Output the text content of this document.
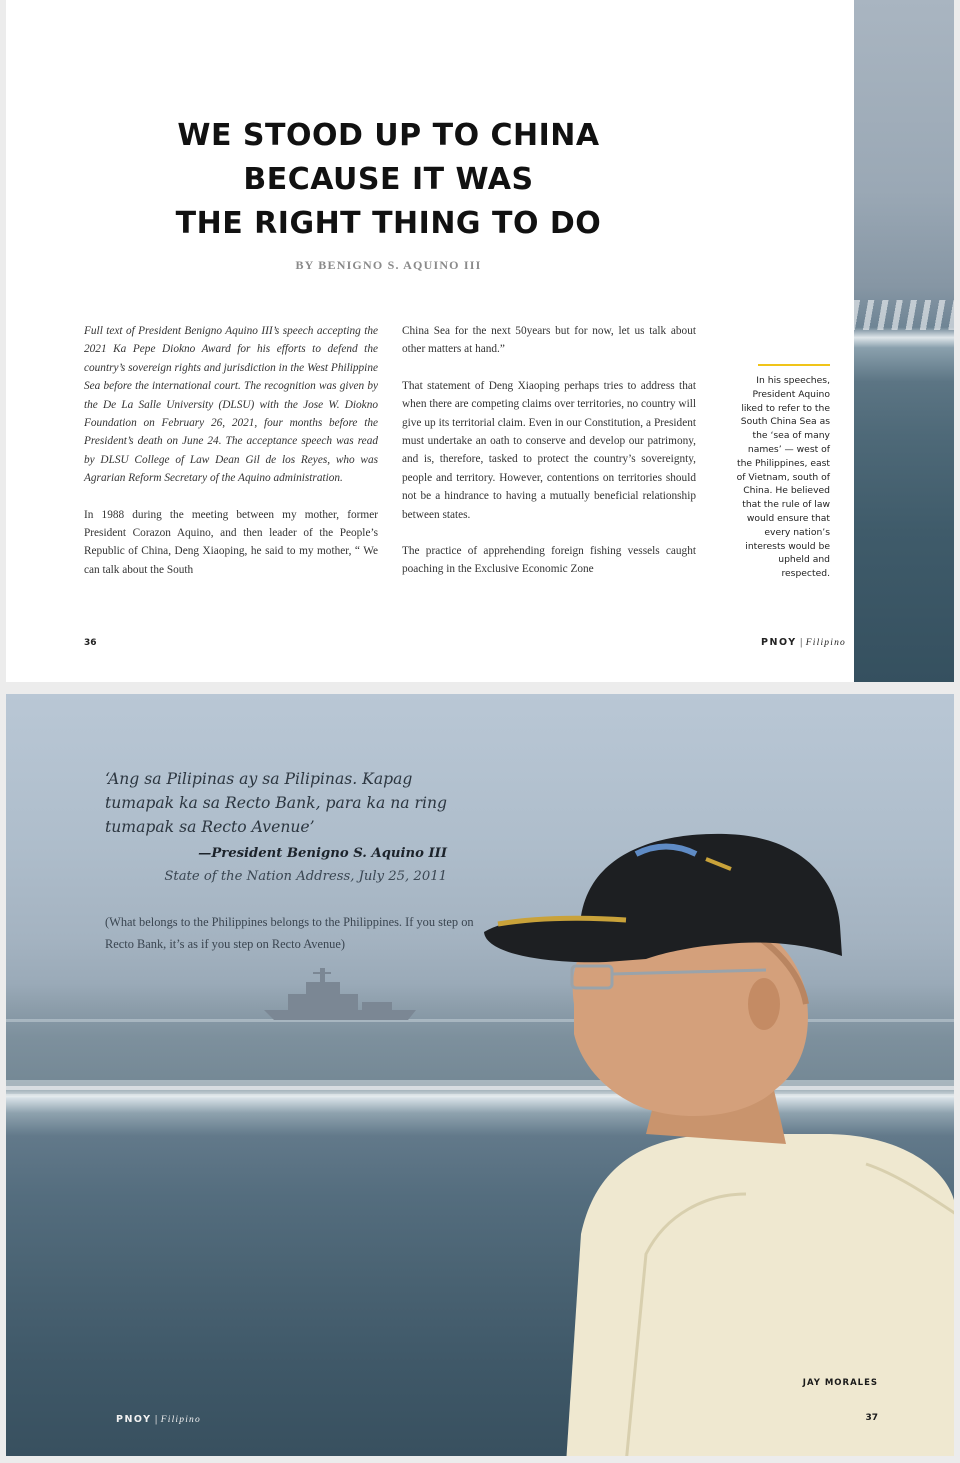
WE STOOD UP TO CHINA
BECAUSE IT WAS
THE RIGHT THING TO DO
BY BENIGNO S. AQUINO III

Full text of President Benigno Aquino III’s speech accepting the 2021 Ka Pepe Diokno Award for his efforts to defend the country’s sovereign rights and jurisdiction in the West Philippine Sea before the international court. The recognition was given by the De La Salle University (DLSU) with the Jose W. Diokno Foundation on February 26, 2021, four months before the President’s death on June 24. The acceptance speech was read by DLSU College of Law Dean Gil de los Reyes, who was Agrarian Reform Secretary of the Aquino administration.

In 1988 during the meeting between my mother, former President Corazon Aquino, and then leader of the People’s Republic of China, Deng Xiaoping, he said to my mother, “ We can talk about the South

China Sea for the next 50years but for now, let us talk about other matters at hand.”

That statement of Deng Xiaoping perhaps tries to address that when there are competing claims over territories, no country will give up its territorial claim. Even in our Constitution, a President must undertake an oath to conserve and develop our patrimony, and is, therefore, tasked to protect the country’s sovereignty, people and territory. However, contentions on territories should not be a hindrance to having a mutually beneficial relationship between states.

The practice of apprehending foreign fishing vessels caught poaching in the Exclusive Economic Zone

In his speeches, President Aquino liked to refer to the South China Sea as the ‘sea of many names’ — west of the Philippines, east of Vietnam, south of China. He believed that the rule of law would ensure that every nation’s interests would be upheld and respected.
36	PNOY | Filipino
‘Ang sa Pilipinas ay sa Pilipinas. Kapag tumapak ka sa Recto Bank, para ka na ring tumapak sa Recto Avenue’
—President Benigno S. Aquino III
State of the Nation Address, July 25, 2011
(What belongs to the Philippines belongs to the Philippines. If you step on Recto Bank, it’s as if you step on Recto Avenue)
JAY MORALES
PNOY | Filipino	37
